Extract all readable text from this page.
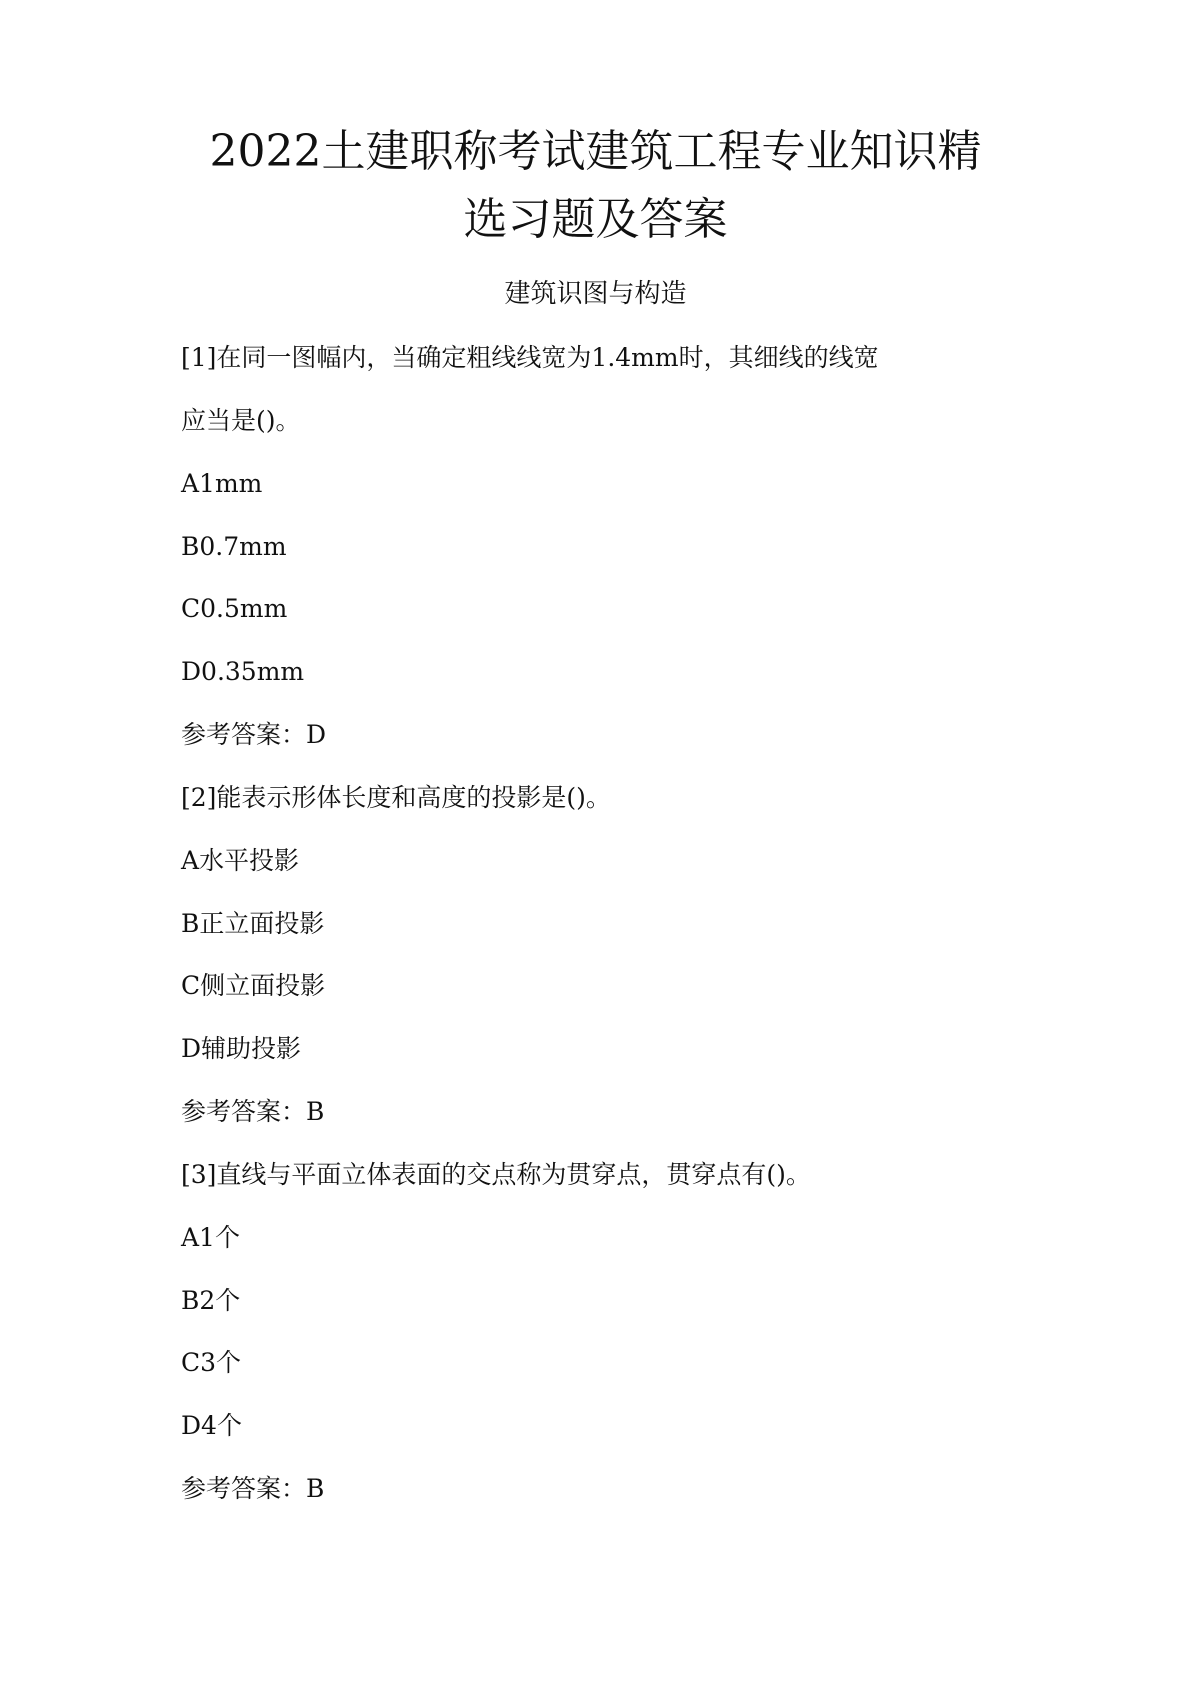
2022土建职称考试建筑工程专业知识精
选习题及答案
建筑识图与构造
[1]在同一图幅内，当确定粗线线宽为1.4mm时，其细线的线宽
应当是()。
A1mm
B0.7mm
C0.5mm
D0.35mm
参考答案：D
[2]能表示形体长度和高度的投影是()。
A水平投影
B正立面投影
C侧立面投影
D辅助投影
参考答案：B
[3]直线与平面立体表面的交点称为贯穿点，贯穿点有()。
A1个
B2个
C3个
D4个
参考答案：B
